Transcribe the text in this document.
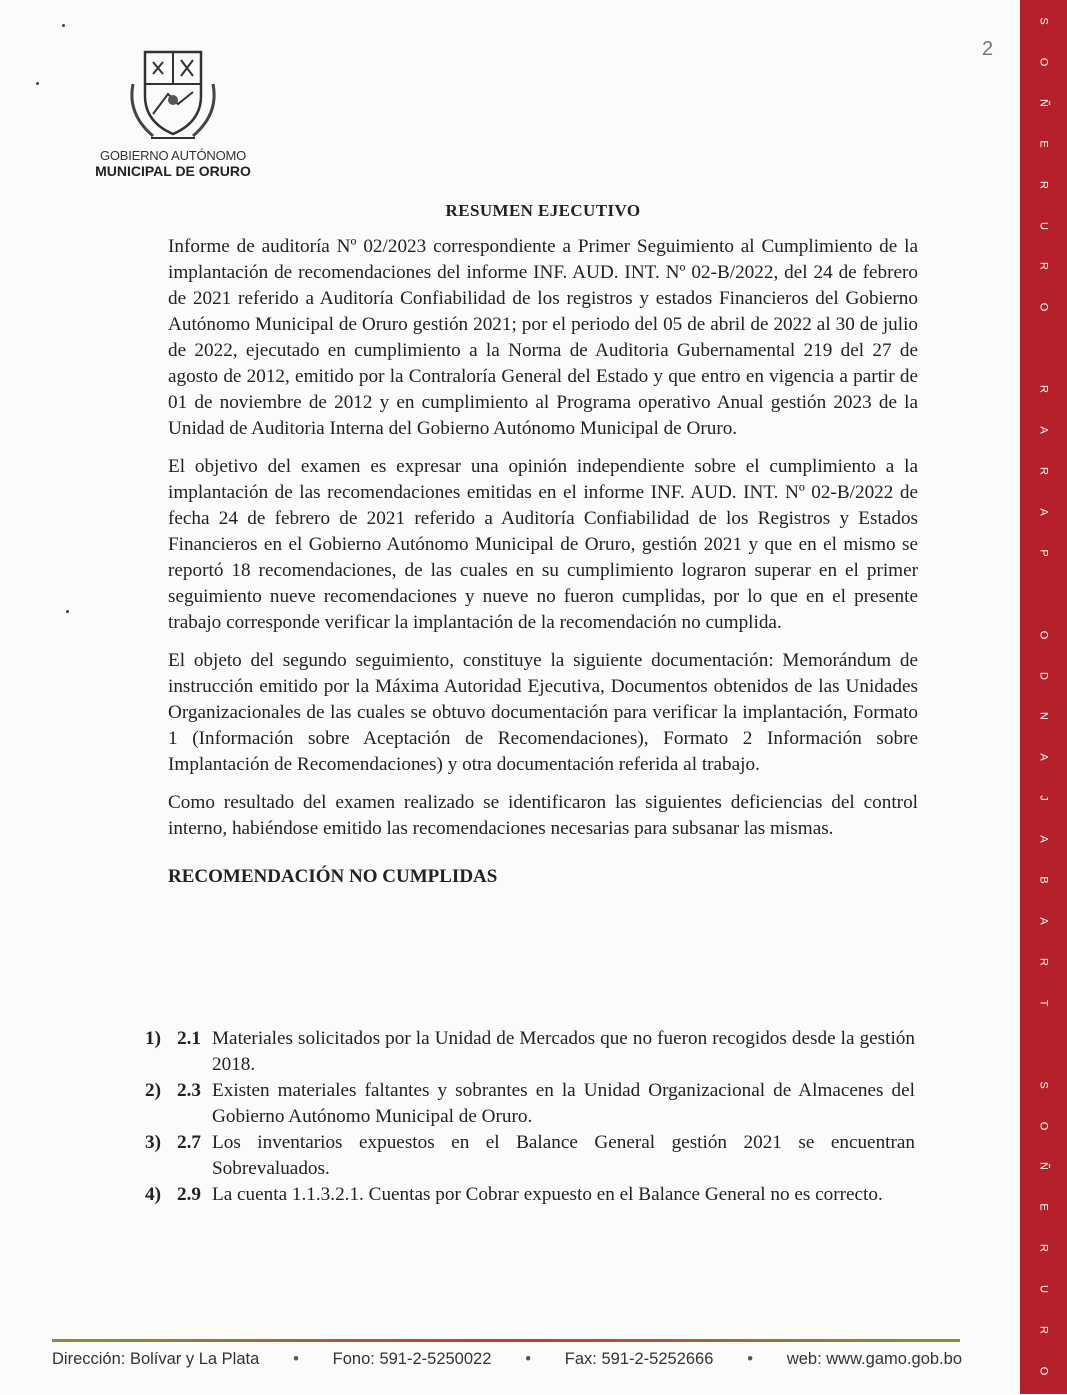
2
GOBIERNO AUTÓNOMO
MUNICIPAL DE ORURO
S
O
Ñ
E
R
U
R
O
R
A
R
A
P
O
D
N
A
J
A
B
A
R
T
S
O
Ñ
E
R
U
R
O
RESUMEN EJECUTIVO

Informe de auditoría Nº 02/2023 correspondiente a Primer Seguimiento al Cumplimiento de la implantación de recomendaciones del informe INF. AUD. INT. Nº 02-B/2022, del 24 de febrero de 2021 referido a Auditoría Confiabilidad de los registros y estados Financieros del Gobierno Autónomo Municipal de Oruro gestión 2021; por el periodo del 05 de abril de 2022 al 30 de julio de 2022, ejecutado en cumplimiento a la Norma de Auditoria Gubernamental 219 del 27 de agosto de 2012, emitido por la Contraloría General del Estado y que entro en vigencia a partir de 01 de noviembre de 2012 y en cumplimiento al Programa operativo Anual gestión 2023 de la Unidad de Auditoria Interna del Gobierno Autónomo Municipal de Oruro.

El objetivo del examen es expresar una opinión independiente sobre el cumplimiento a la implantación de las recomendaciones emitidas en el informe INF. AUD. INT. Nº 02-B/2022 de fecha 24 de febrero de 2021 referido a Auditoría Confiabilidad de los Registros y Estados Financieros en el Gobierno Autónomo Municipal de Oruro, gestión 2021 y que en el mismo se reportó 18 recomendaciones, de las cuales en su cumplimiento lograron superar en el primer seguimiento nueve recomendaciones y nueve no fueron cumplidas, por lo que en el presente trabajo corresponde verificar la implantación de la recomendación no cumplida.

El objeto del segundo seguimiento, constituye la siguiente documentación: Memorándum de instrucción emitido por la Máxima Autoridad Ejecutiva, Documentos obtenidos de las Unidades Organizacionales de las cuales se obtuvo documentación para verificar la implantación, Formato 1 (Información sobre Aceptación de Recomendaciones), Formato 2 Información sobre Implantación de Recomendaciones) y otra documentación referida al trabajo.

Como resultado del examen realizado se identificaron las siguientes deficiencias del control interno, habiéndose emitido las recomendaciones necesarias para subsanar las mismas.

RECOMENDACIÓN NO CUMPLIDAS
1) 2.1 Materiales solicitados por la Unidad de Mercados que no fueron recogidos desde la gestión 2018.
2) 2.3 Existen materiales faltantes y sobrantes en la Unidad Organizacional de Almacenes del Gobierno Autónomo Municipal de Oruro.
3) 2.7 Los inventarios expuestos en el Balance General gestión 2021 se encuentran Sobrevaluados.
4) 2.9 La cuenta 1.1.3.2.1. Cuentas por Cobrar expuesto en el Balance General no es correcto.
Dirección: Bolívar y La Plata • Fono: 591-2-5250022 • Fax: 591-2-5252666 • web: www.gamo.gob.bo
